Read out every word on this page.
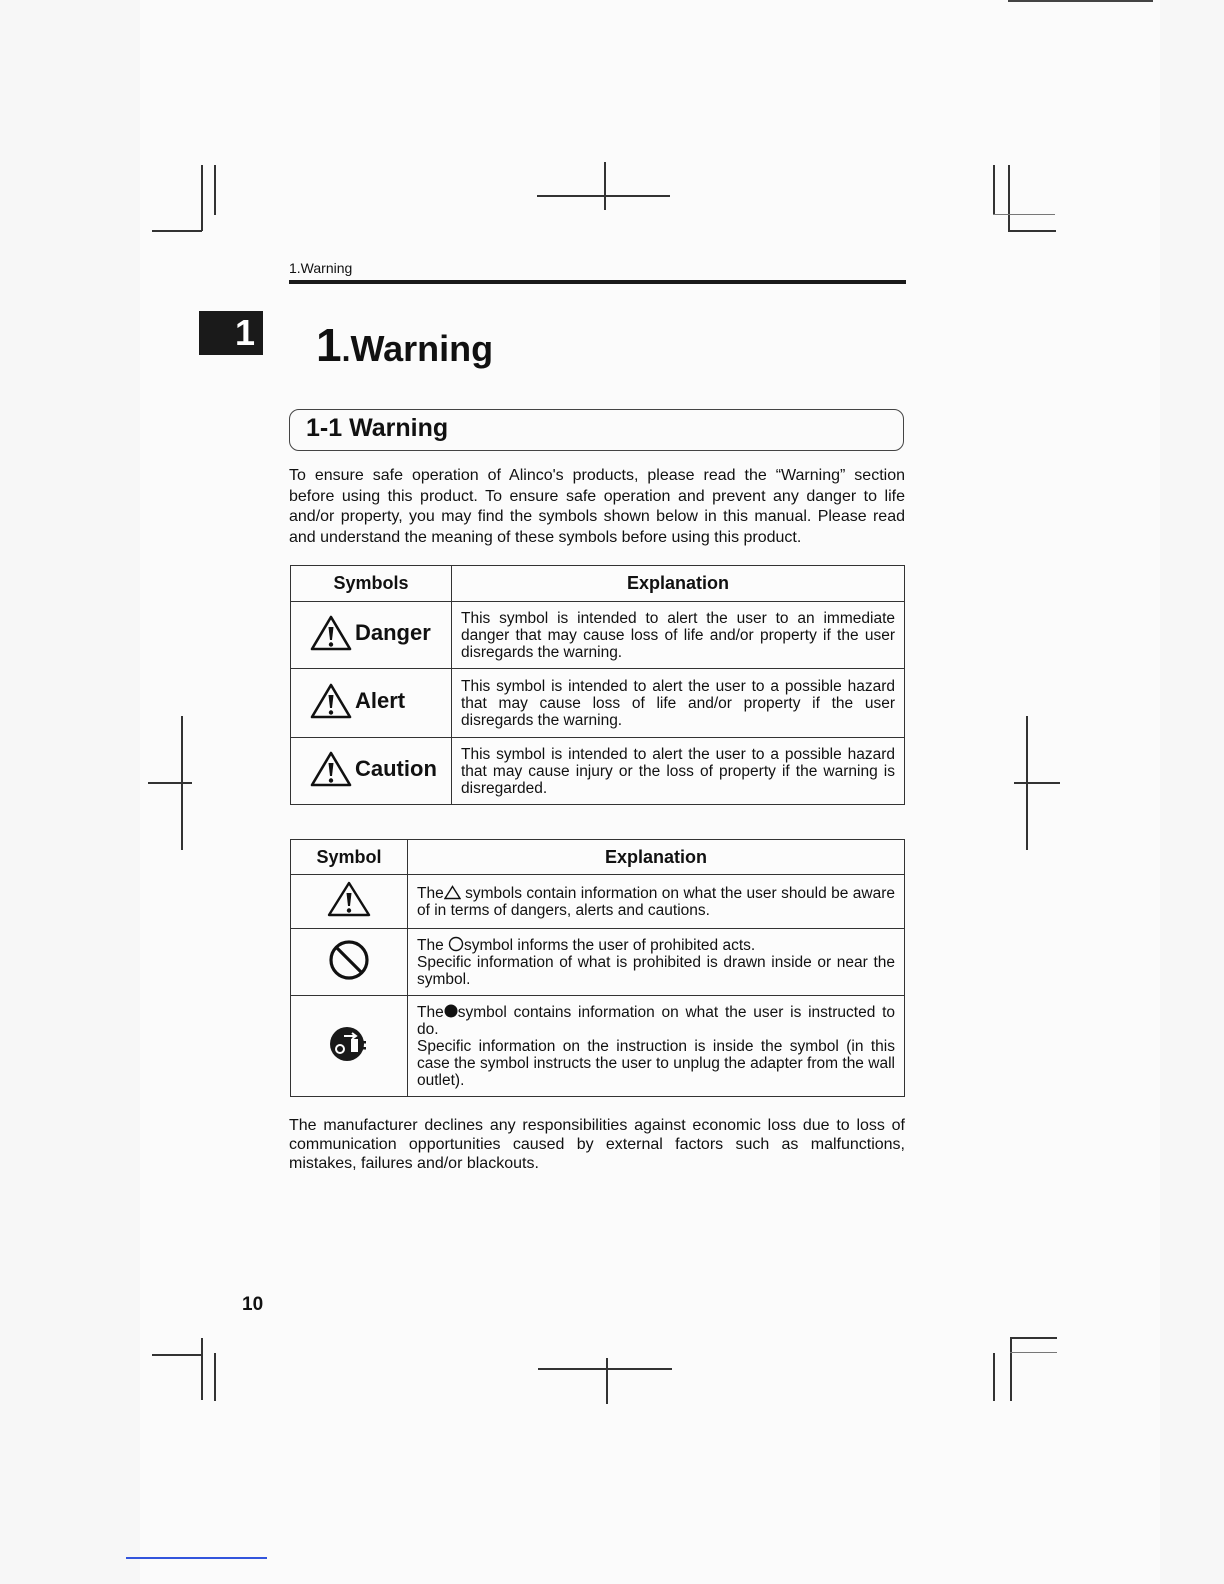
1.Warning
1 1.Warning
1-1 Warning

To ensure safe operation of Alinco's products, please read the “Warning” section before using this product. To ensure safe operation and prevent any danger to life and/or property, you may find the symbols shown below in this manual. Please read and understand the meaning of these symbols before using this product.

Symbols	Explanation

Danger	This symbol is intended to alert the user to an immediate danger that may cause loss of life and/or property if the user disregards the warning.

Alert	This symbol is intended to alert the user to a possible hazard that may cause loss of life and/or property if the user disregards the warning.

Caution	This symbol is intended to alert the user to a possible hazard that may cause injury or the loss of property if the warning is disregarded.
Symbol	Explanation
	The symbols contain information on what the user should be aware of in terms of dangers, alerts and cautions.
	The symbol informs the user of prohibited acts.
Specific information of what is prohibited is drawn inside or near the symbol.
	The symbol contains information on what the user is instructed to do.
Specific information on the instruction is inside the symbol (in this case the symbol instructs the user to unplug the adapter from the wall outlet).

The manufacturer declines any responsibilities against economic loss due to loss of communication opportunities caused by external factors such as malfunctions, mistakes, failures and/or blackouts.

10
